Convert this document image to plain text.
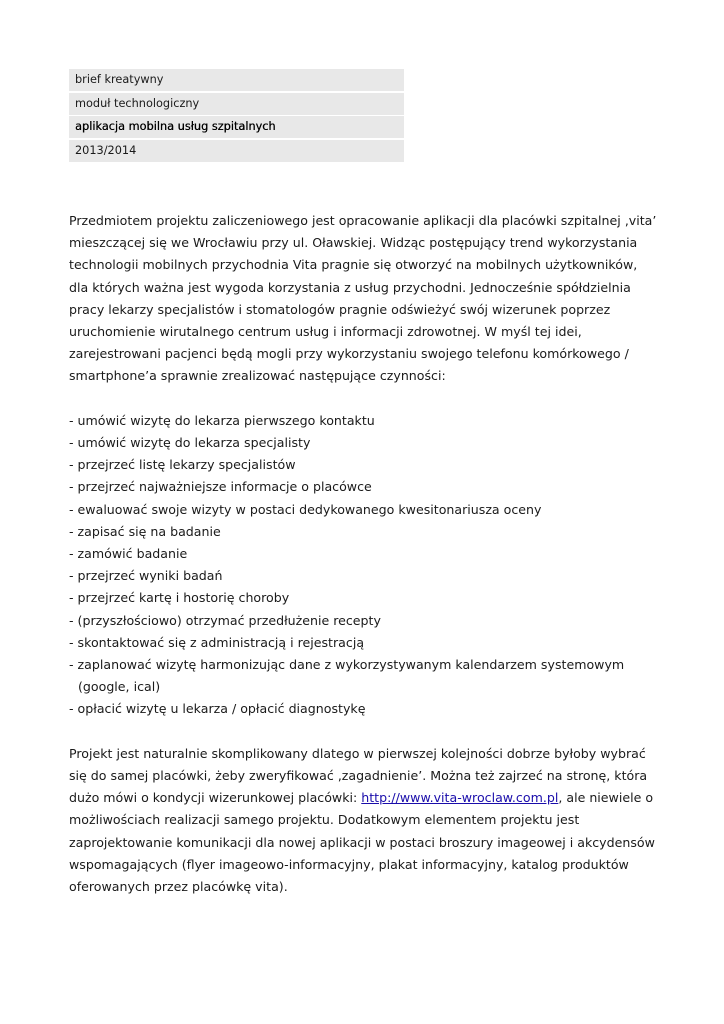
brief kreatywny
moduł technologiczny
aplikacja mobilna usług szpitalnych
2013/2014

Przedmiotem projektu zaliczeniowego jest opracowanie aplikacji dla placówki szpitalnej ‚vita’ mieszczącej się we Wrocławiu przy ul. Oławskiej. Widząc postępujący trend wykorzystania technologii mobilnych przychodnia Vita pragnie się otworzyć na mobilnych użytkowników, dla których ważna jest wygoda korzystania z usług przychodni. Jednocześnie spółdzielnia pracy lekarzy specjalistów i stomatologów pragnie odświeżyć swój wizerunek poprzez uruchomienie wirutalnego centrum usług i informacji zdrowotnej. W myśl tej idei, zarejestrowani pacjenci będą mogli przy wykorzystaniu swojego telefonu komórkowego / smartphone’a sprawnie zrealizować następujące czynności:

- umówić wizytę do lekarza pierwszego kontaktu
- umówić wizytę do lekarza specjalisty
- przejrzeć listę lekarzy specjalistów
- przejrzeć najważniejsze informacje o placówce
- ewaluować swoje wizyty w postaci dedykowanego kwesitonariusza oceny
- zapisać się na badanie
- zamówić badanie
- przejrzeć wyniki badań
- przejrzeć kartę i hostorię choroby
- (przyszłościowo) otrzymać przedłużenie recepty
- skontaktować się z administracją i rejestracją
- zaplanować wizytę harmonizując dane z wykorzystywanym kalendarzem systemowym (google, ical)
- opłacić wizytę u lekarza / opłacić diagnostykę

Projekt jest naturalnie skomplikowany dlatego w pierwszej kolejności dobrze byłoby wybrać się do samej placówki, żeby zweryfikować ‚zagadnienie’. Można też zajrzeć na stronę, która dużo mówi o kondycji wizerunkowej placówki: http://www.vita-wroclaw.com.pl, ale niewiele o możliwościach realizacji samego projektu. Dodatkowym elementem projektu jest zaprojektowanie komunikacji dla nowej aplikacji w postaci broszury imageowej i akcydensów wspomagających (flyer imageowo-informacyjny, plakat informacyjny, katalog produktów oferowanych przez placówkę vita).
